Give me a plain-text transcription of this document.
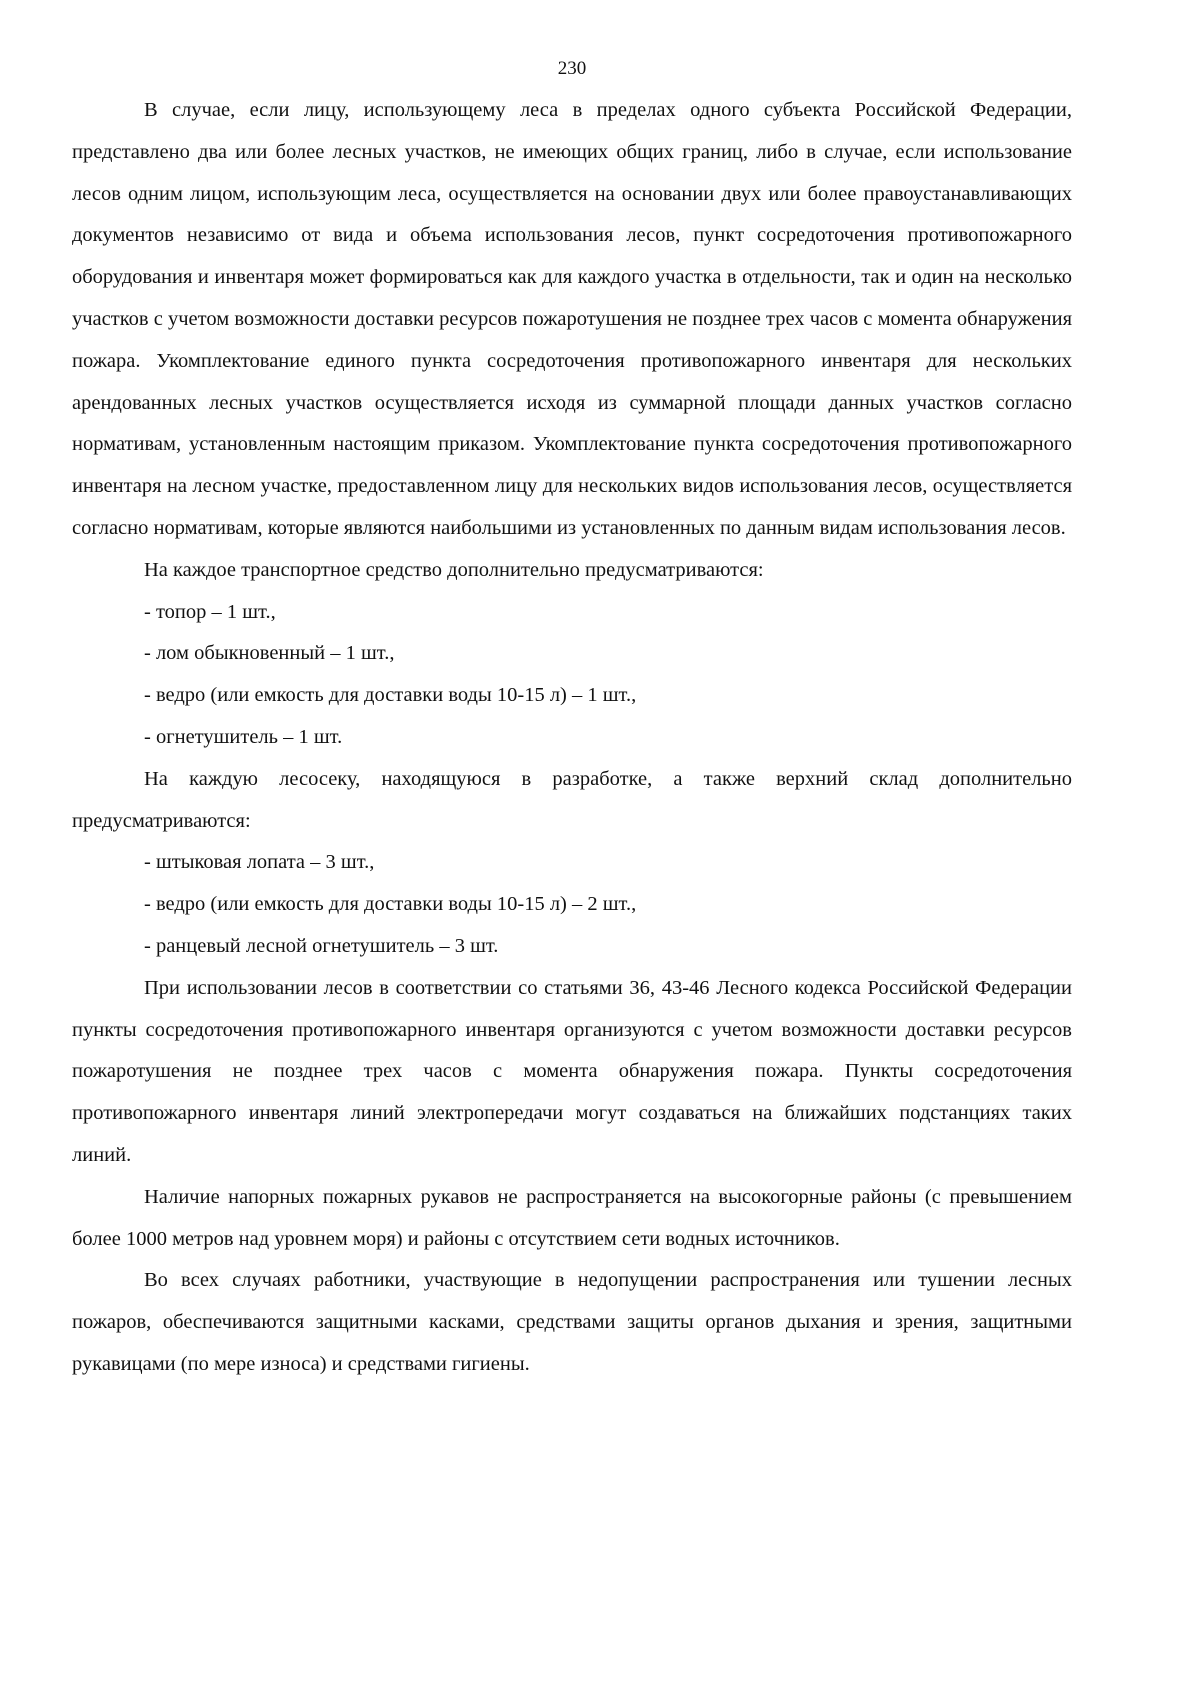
230

В случае, если лицу, использующему леса в пределах одного субъекта Российской Федерации, представлено два или более лесных участков, не имеющих общих границ, либо в случае, если использование лесов одним лицом, использующим леса, осуществляется на основании двух или более правоустанавливающих документов независимо от вида и объема использования лесов, пункт сосредоточения противопожарного оборудования и инвентаря может формироваться как для каждого участка в отдельности, так и один на несколько участков с учетом возможности доставки ресурсов пожаротушения не позднее трех часов с момента обнаружения пожара. Укомплектование единого пункта сосредоточения противопожарного инвентаря для нескольких арендованных лесных участков осуществляется исходя из суммарной площади данных участков согласно нормативам, установленным настоящим приказом. Укомплектование пункта сосредоточения противопожарного инвентаря на лесном участке, предоставленном лицу для нескольких видов использования лесов, осуществляется согласно нормативам, которые являются наибольшими из установленных по данным видам использования лесов.

На каждое транспортное средство дополнительно предусматриваются:

- топор – 1 шт.,

- лом обыкновенный – 1 шт.,

- ведро (или емкость для доставки воды 10-15 л) – 1 шт.,

- огнетушитель – 1 шт.

На каждую лесосеку, находящуюся в разработке, а также верхний склад дополнительно предусматриваются:

- штыковая лопата – 3 шт.,

- ведро (или емкость для доставки воды 10-15 л) – 2 шт.,

- ранцевый лесной огнетушитель – 3 шт.

При использовании лесов в соответствии со статьями 36, 43-46 Лесного кодекса Российской Федерации пункты сосредоточения противопожарного инвентаря организуются с учетом возможности доставки ресурсов пожаротушения не позднее трех часов с момента обнаружения пожара. Пункты сосредоточения противопожарного инвентаря линий электропередачи могут создаваться на ближайших подстанциях таких линий.

Наличие напорных пожарных рукавов не распространяется на высокогорные районы (с превышением более 1000 метров над уровнем моря) и районы с отсутствием сети водных источников.

Во всех случаях работники, участвующие в недопущении распространения или тушении лесных пожаров, обеспечиваются защитными касками, средствами защиты органов дыхания и зрения, защитными рукавицами (по мере износа) и средствами гигиены.
